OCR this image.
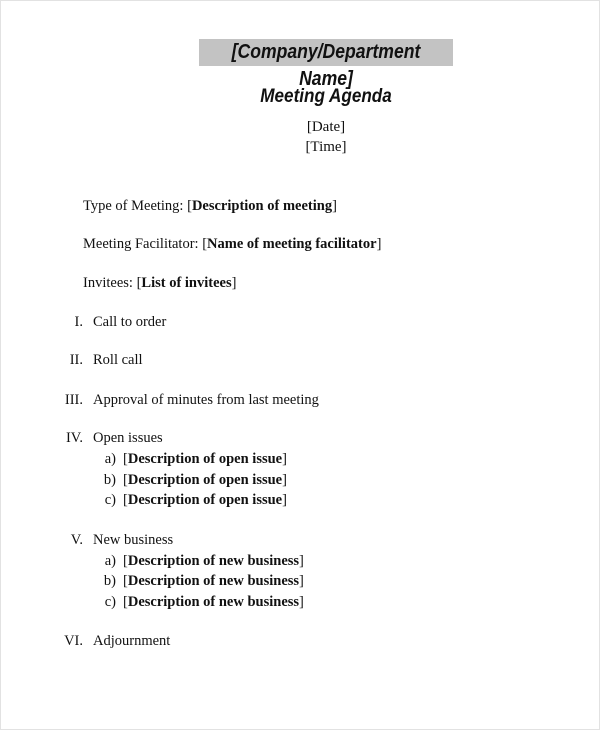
[Company/Department Name]
Meeting Agenda
[Date]
[Time]
Type of Meeting: [Description of meeting]
Meeting Facilitator: [Name of meeting facilitator]
Invitees: [List of invitees]
I. Call to order
II. Roll call
III. Approval of minutes from last meeting
IV. Open issues
a) [Description of open issue]
b) [Description of open issue]
c) [Description of open issue]
V. New business
a) [Description of new business]
b) [Description of new business]
c) [Description of new business]
VI. Adjournment
